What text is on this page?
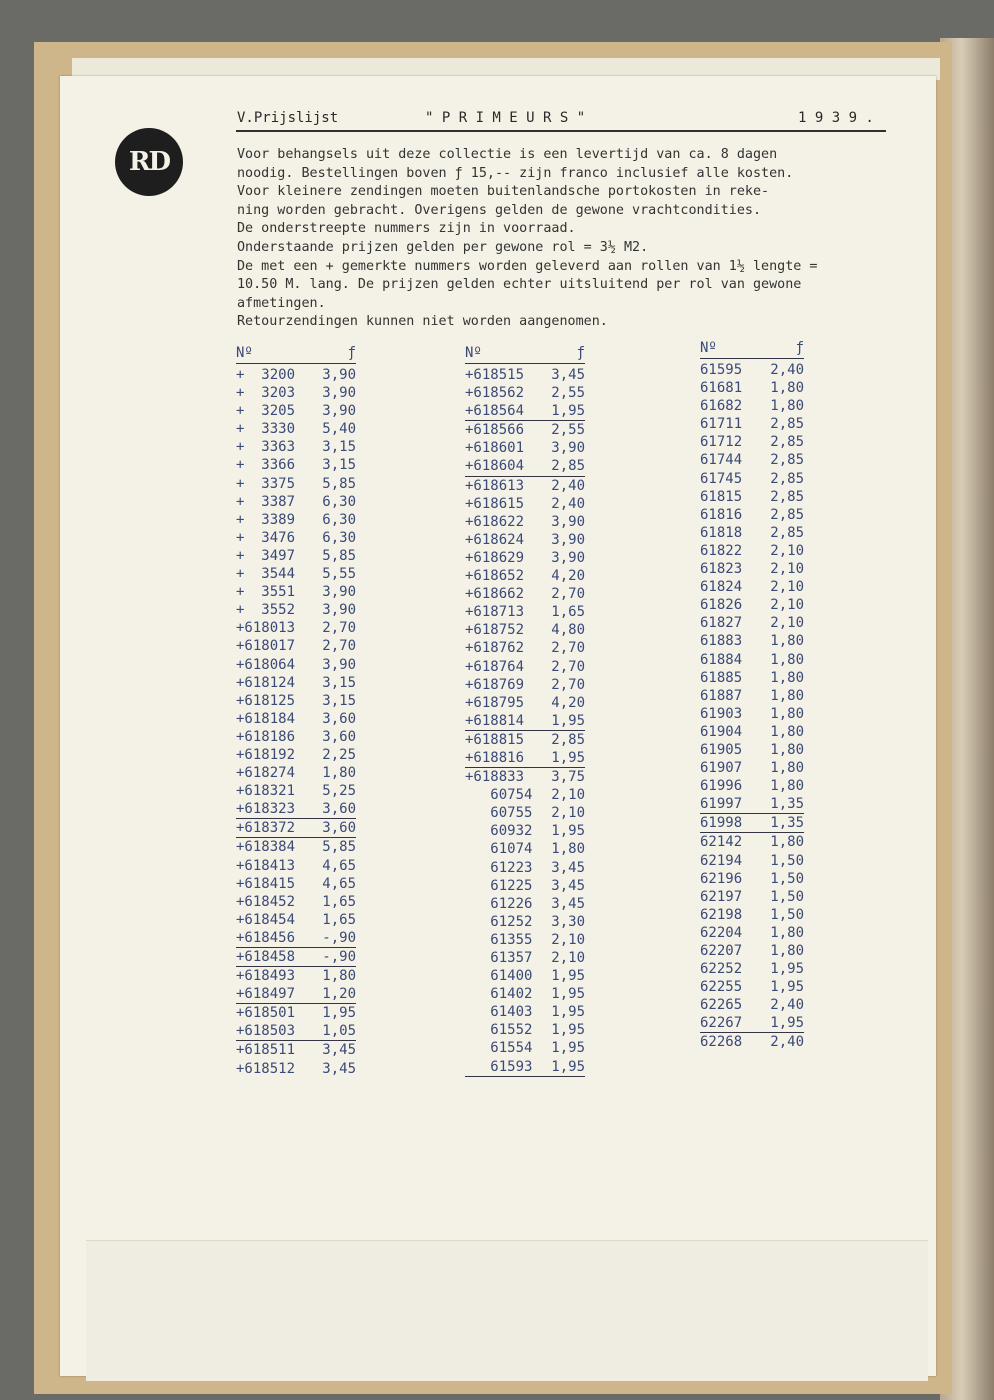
RD
V.Prijslijst	" P R I M E U R S "	1 9 3 9 .
Voor behangsels uit deze collectie is een levertijd van ca. 8 dagen
noodig. Bestellingen boven ƒ 15,-- zijn franco inclusief alle kosten.
Voor kleinere zendingen moeten buitenlandsche portokosten in reke-
ning worden gebracht. Overigens gelden de gewone vrachtcondities.
De onderstreepte nummers zijn in voorraad.
Onderstaande prijzen gelden per gewone rol = 3½ M2.
De met een + gemerkte nummers worden geleverd aan rollen van 1½ lengte =
10.50 M. lang. De prijzen gelden echter uitsluitend per rol van gewone
afmetingen.
Retourzendingen kunnen niet worden aangenomen.
Nº	ƒ
+  3200	3,90
+  3203	3,90
+  3205	3,90
+  3330	5,40
+  3363	3,15
+  3366	3,15
+  3375	5,85
+  3387	6,30
+  3389	6,30
+  3476	6,30
+  3497	5,85
+  3544	5,55
+  3551	3,90
+  3552	3,90
+618013	2,70
+618017	2,70
+618064	3,90
+618124	3,15
+618125	3,15
+618184	3,60
+618186	3,60
+618192	2,25
+618274	1,80
+618321	5,25
+618323	3,60
+618372	3,60
+618384	5,85
+618413	4,65
+618415	4,65
+618452	1,65
+618454	1,65
+618456	-,90
+618458	-,90
+618493	1,80
+618497	1,20
+618501	1,95
+618503	1,05
+618511	3,45
+618512	3,45
Nº	ƒ
+618515	3,45
+618562	2,55
+618564	1,95
+618566	2,55
+618601	3,90
+618604	2,85
+618613	2,40
+618615	2,40
+618622	3,90
+618624	3,90
+618629	3,90
+618652	4,20
+618662	2,70
+618713	1,65
+618752	4,80
+618762	2,70
+618764	2,70
+618769	2,70
+618795	4,20
+618814	1,95
+618815	2,85
+618816	1,95
+618833	3,75
60754	2,10
60755	2,10
60932	1,95
61074	1,80
61223	3,45
61225	3,45
61226	3,45
61252	3,30
61355	2,10
61357	2,10
61400	1,95
61402	1,95
61403	1,95
61552	1,95
61554	1,95
61593	1,95
Nº	ƒ
61595	2,40
61681	1,80
61682	1,80
61711	2,85
61712	2,85
61744	2,85
61745	2,85
61815	2,85
61816	2,85
61818	2,85
61822	2,10
61823	2,10
61824	2,10
61826	2,10
61827	2,10
61883	1,80
61884	1,80
61885	1,80
61887	1,80
61903	1,80
61904	1,80
61905	1,80
61907	1,80
61996	1,80
61997	1,35
61998	1,35
62142	1,80
62194	1,50
62196	1,50
62197	1,50
62198	1,50
62204	1,80
62207	1,80
62252	1,95
62255	1,95
62265	2,40
62267	1,95
62268	2,40
